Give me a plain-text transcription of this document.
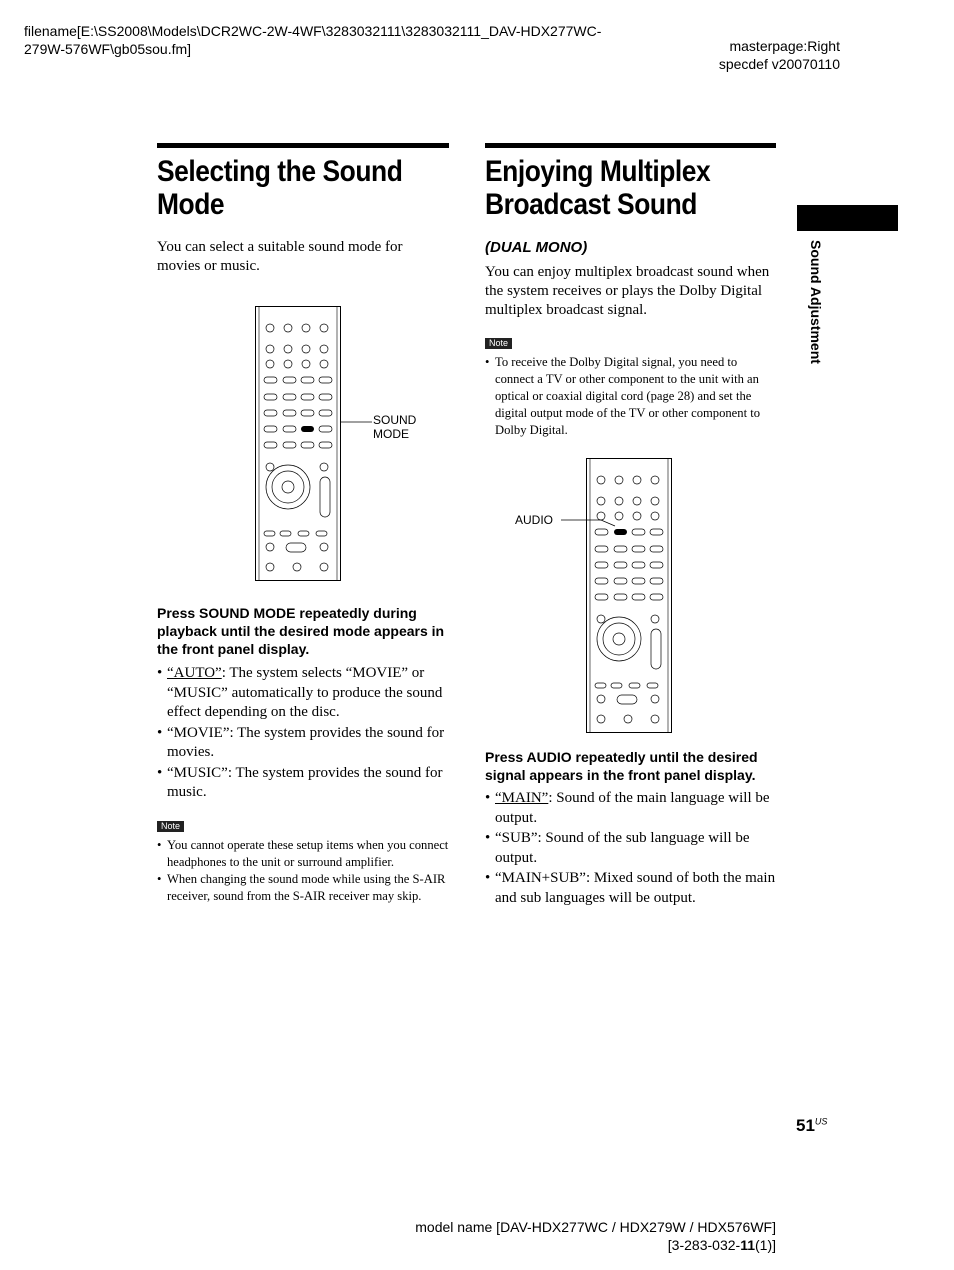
filename[E:\SS2008\Models\DCR2WC-2W-4WF\3283032111\3283032111_DAV-HDX277WC-279W-576WF\gb05sou.fm]	masterpage:Right
specdef v20070110
Selecting the Sound
Mode

You can select a suitable sound mode for movies or music.

SOUND MODE

Press SOUND MODE repeatedly during playback until the desired mode appears in the front panel display.

• “AUTO”: The system selects “MOVIE” or “MUSIC” automatically to produce the sound effect depending on the disc.
• “MOVIE”: The system provides the sound for movies.
• “MUSIC”: The system provides the sound for music.
Note
• You cannot operate these setup items when you connect headphones to the unit or surround amplifier.
• When changing the sound mode while using the S-AIR receiver, sound from the S-AIR receiver may skip.
Enjoying Multiplex
Broadcast Sound

(DUAL MONO)

You can enjoy multiplex broadcast sound when the system receives or plays the Dolby Digital multiplex broadcast signal.

Note
• To receive the Dolby Digital signal, you need to connect a TV or other component to the unit with an optical or coaxial digital cord (page 28) and set the digital output mode of the TV or other component to Dolby Digital.
AUDIO

Press AUDIO repeatedly until the desired signal appears in the front panel display.

• “MAIN”: Sound of the main language will be output.
• “SUB”: Sound of the sub language will be output.
• “MAIN+SUB”: Mixed sound of both the main and sub languages will be output.
Sound Adjustment
$51^{US}$
model name [DAV-HDX277WC / HDX279W / HDX576WF]
[3-283-032-11(1)]
